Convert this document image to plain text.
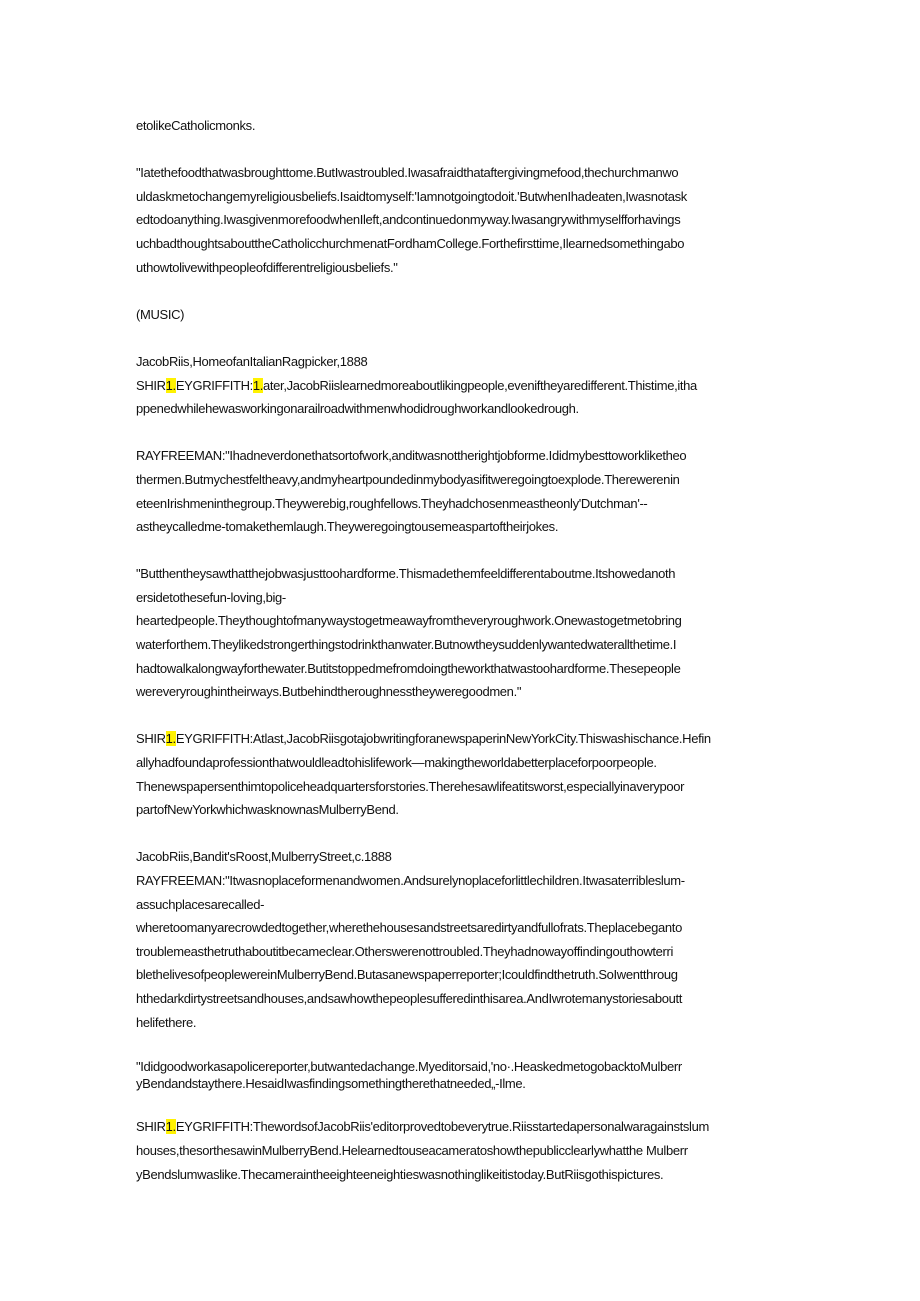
etolikeCatholicmonks.

"Iatethefoodthatwasbroughttome.ButIwastroubled.Iwasafraidthataftergivingmefood,thechurchmanwo

uldaskmetochangemyreligiousbeliefs.Isaidtomyself:'Iamnotgoingtodoit.'ButwhenIhadeaten,Iwasnotask

edtodoanything.IwasgivenmorefoodwhenIleft,andcontinuedonmyway.Iwasangrywithmyselfforhavings

uchbadthoughtsabouttheCatholicchurchmenatFordhamCollege.Forthefirsttime,Ilearnedsomethingabo

uthowtolivewithpeopleofdifferentreligiousbeliefs."

(MUSIC)

JacobRiis,HomeofanItalianRagpicker,1888

SHIR1.EYGRIFFITH:1.ater,JacobRiislearnedmoreaboutlikingpeople,eveniftheyaredifferent.Thistime,itha

ppenedwhilehewasworkingonarailroadwithmenwhodidroughworkandlookedrough.

RAYFREEMAN:"Ihadneverdonethatsortofwork,anditwasnottherightjobforme.Ididmybesttoworkliketheo

thermen.Butmychestfeltheavy,andmyheartpoundedinmybodyasifitweregoingtoexplode.Therewerenin

eteenIrishmeninthegroup.Theywerebig,roughfellows.Theyhadchosenmeastheonly'Dutchman'--

astheycalledme-tomakethemlaugh.Theyweregoingtousemeaspartoftheirjokes.

"Butthentheysawthatthejobwasjusttoohardforme.Thismadethemfeeldifferentaboutme.Itshowedanoth

ersidetothesefun-loving,big-

heartedpeople.Theythoughtofmanywaystogetmeawayfromtheveryroughwork.Onewastogetmetobring

waterforthem.Theylikedstrongerthingstodrinkthanwater.Butnowtheysuddenlywantedwaterallthetime.I

hadtowalkalongwayforthewater.Butitstoppedmefromdoingtheworkthatwastoohardforme.Thesepeople

wereveryroughintheirways.Butbehindtheroughnesstheyweregoodmen."

SHIR1.EYGRIFFITH:Atlast,JacobRiisgotajobwritingforanewspaperinNewYorkCity.Thiswashischance.Hefin

allyhadfoundaprofessionthatwouldleadtohislifework—makingtheworldabetterplaceforpoorpeople.

Thenewspapersenthimtopoliceheadquartersforstories.Therehesawlifeatitsworst,especiallyinaverypoor

partofNewYorkwhichwasknownasMulberryBend.

JacobRiis,Bandit'sRoost,MulberryStreet,c.1888

RAYFREEMAN:"Itwasnoplaceformenandwomen.Andsurelynoplaceforlittlechildren.Itwasaterribleslum-

assuchplacesarecalled-

wheretoomanyarecrowdedtogether,wherethehousesandstreetsaredirtyandfullofrats.Theplacebeganto

troublemeasthetruthaboutitbecameclear.Otherswerenottroubled.Theyhadnowayoffindingouthowterri

blethelivesofpeoplewereinMulberryBend.Butasanewspaperreporter;Icouldfindthetruth.SoIwentthroug

hthedarkdirtystreetsandhouses,andsawhowthepeoplesufferedinthisarea.AndIwrotemanystoriesaboutt

helifethere.

"Ididgoodworkasapolicereporter,butwantedachange.Myeditorsaid,'no·.HeaskedmetogobacktoMulberr

yBendandstaythere.HesaidIwasfindingsomethingtherethatneeded„-Ilme.

SHIR1.EYGRIFFITH:ThewordsofJacobRiis'editorprovedtobeverytrue.Riisstartedapersonalwaragainstslum

houses,thesorthesawinMulberryBend.Helearnedtouseacameratoshowthepublicclearlywhatthe Mulberr

yBendslumwaslike.Thecameraintheeighteeneightieswasnothinglikeitistoday.ButRiisgothispictures.
